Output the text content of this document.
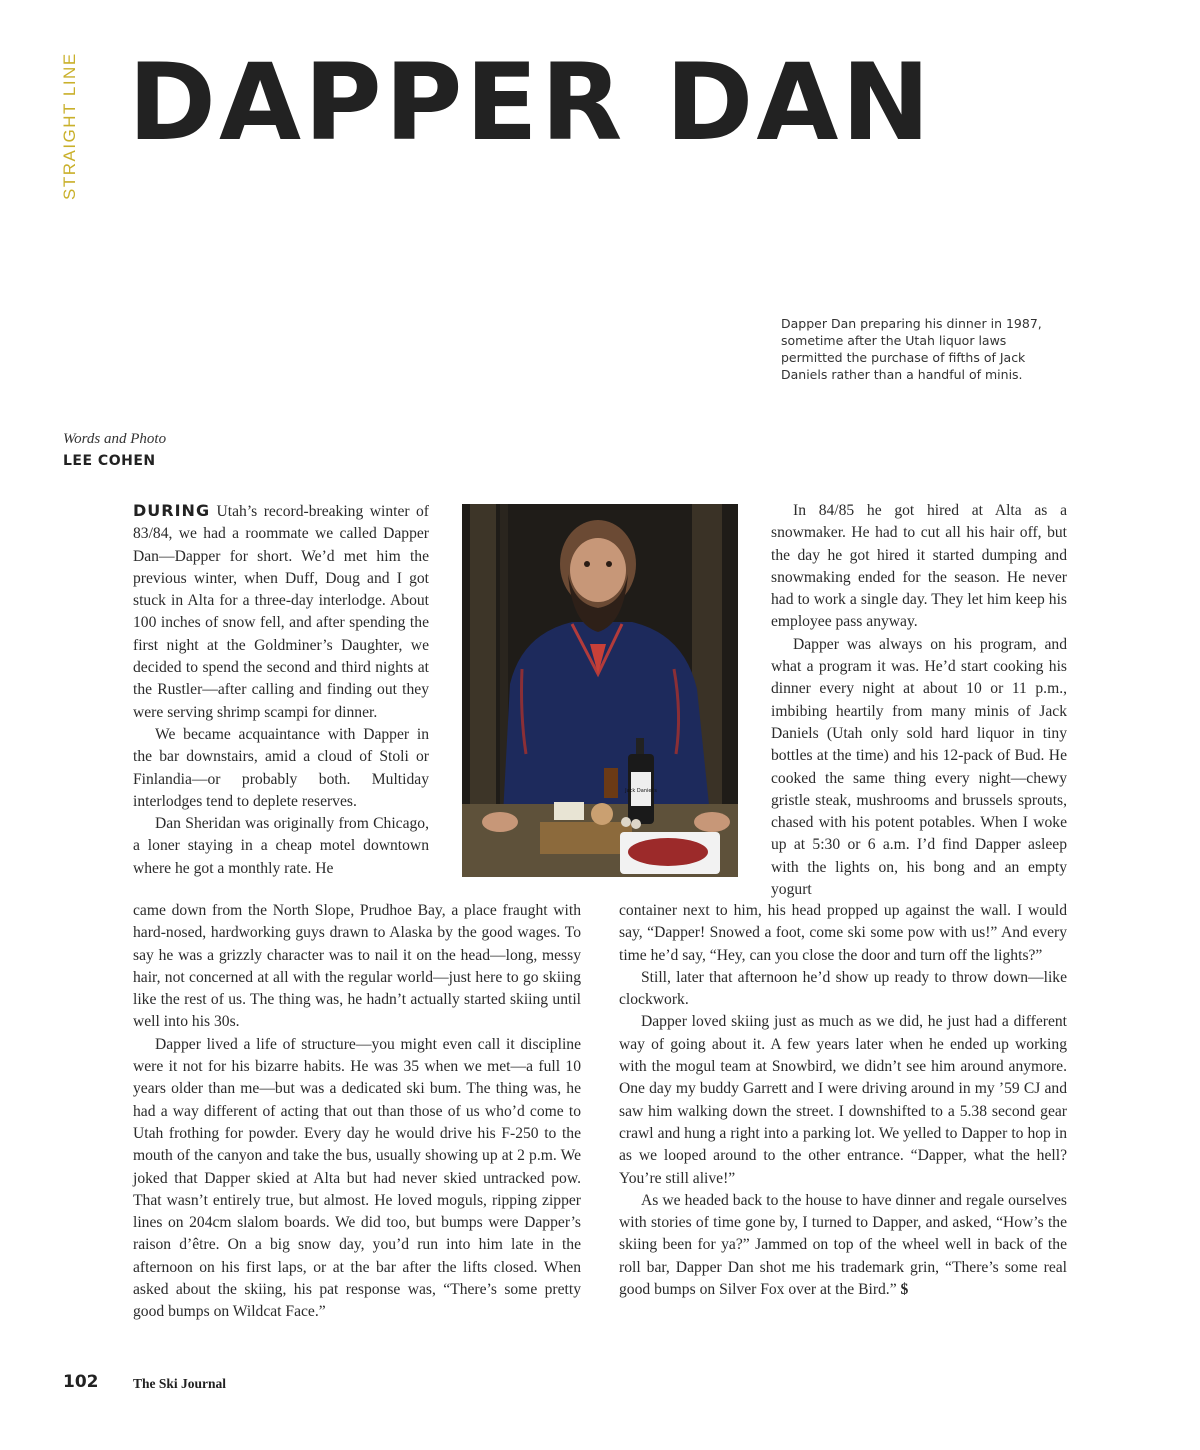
STRAIGHT LINE DAPPER DAN
Dapper Dan preparing his dinner in 1987, sometime after the Utah liquor laws permitted the purchase of fifths of Jack Daniels rather than a handful of minis.
Words and Photo
LEE COHEN

DURING Utah’s record-breaking winter of 83/84, we had a roommate we called Dapper Dan—Dapper for short. We’d met him the previous winter, when Duff, Doug and I got stuck in Alta for a three-day interlodge. About 100 inches of snow fell, and after spending the first night at the Goldminer’s Daughter, we decided to spend the second and third nights at the Rustler—after calling and finding out they were serving shrimp scampi for dinner.

We became acquaintance with Dapper in the bar downstairs, amid a cloud of Stoli or Finlandia—or probably both. Multiday interlodges tend to deplete reserves.

Dan Sheridan was originally from Chicago, a loner staying in a cheap motel downtown where he got a monthly rate. He

Jack Daniel's

came down from the North Slope, Prudhoe Bay, a place fraught with hard-nosed, hardworking guys drawn to Alaska by the good wages. To say he was a grizzly character was to nail it on the head—long, messy hair, not concerned at all with the regular world—just here to go skiing like the rest of us. The thing was, he hadn’t actually started skiing until well into his 30s.

Dapper lived a life of structure—you might even call it discipline were it not for his bizarre habits. He was 35 when we met—a full 10 years older than me—but was a dedicated ski bum. The thing was, he had a way different of acting that out than those of us who’d come to Utah frothing for powder. Every day he would drive his F-250 to the mouth of the canyon and take the bus, usually showing up at 2 p.m. We joked that Dapper skied at Alta but had never skied untracked pow. That wasn’t entirely true, but almost. He loved moguls, ripping zipper lines on 204cm slalom boards. We did too, but bumps were Dapper’s raison d’être. On a big snow day, you’d run into him late in the afternoon on his first laps, or at the bar after the lifts closed. When asked about the skiing, his pat response was, “There’s some pretty good bumps on Wildcat Face.”

In 84/85 he got hired at Alta as a snowmaker. He had to cut all his hair off, but the day he got hired it started dumping and snowmaking ended for the season. He never had to work a single day. They let him keep his employee pass anyway.

Dapper was always on his program, and what a program it was. He’d start cooking his dinner every night at about 10 or 11 p.m., imbibing heartily from many minis of Jack Daniels (Utah only sold hard liquor in tiny bottles at the time) and his 12-pack of Bud. He cooked the same thing every night—chewy gristle steak, mushrooms and brussels sprouts, chased with his potent potables. When I woke up at 5:30 or 6 a.m. I’d find Dapper asleep with the lights on, his bong and an empty yogurt

container next to him, his head propped up against the wall. I would say, “Dapper! Snowed a foot, come ski some pow with us!” And every time he’d say, “Hey, can you close the door and turn off the lights?”

Still, later that afternoon he’d show up ready to throw down—like clockwork.

Dapper loved skiing just as much as we did, he just had a different way of going about it. A few years later when he ended up working with the mogul team at Snowbird, we didn’t see him around anymore. One day my buddy Garrett and I were driving around in my ’59 CJ and saw him walking down the street. I downshifted to a 5.38 second gear crawl and hung a right into a parking lot. We yelled to Dapper to hop in as we looped around to the other entrance. “Dapper, what the hell? You’re still alive!”

As we headed back to the house to have dinner and regale ourselves with stories of time gone by, I turned to Dapper, and asked, “How’s the skiing been for ya?” Jammed on top of the wheel well in back of the roll bar, Dapper Dan shot me his trademark grin, “There’s some real good bumps on Silver Fox over at the Bird.” $

102	The Ski Journal
